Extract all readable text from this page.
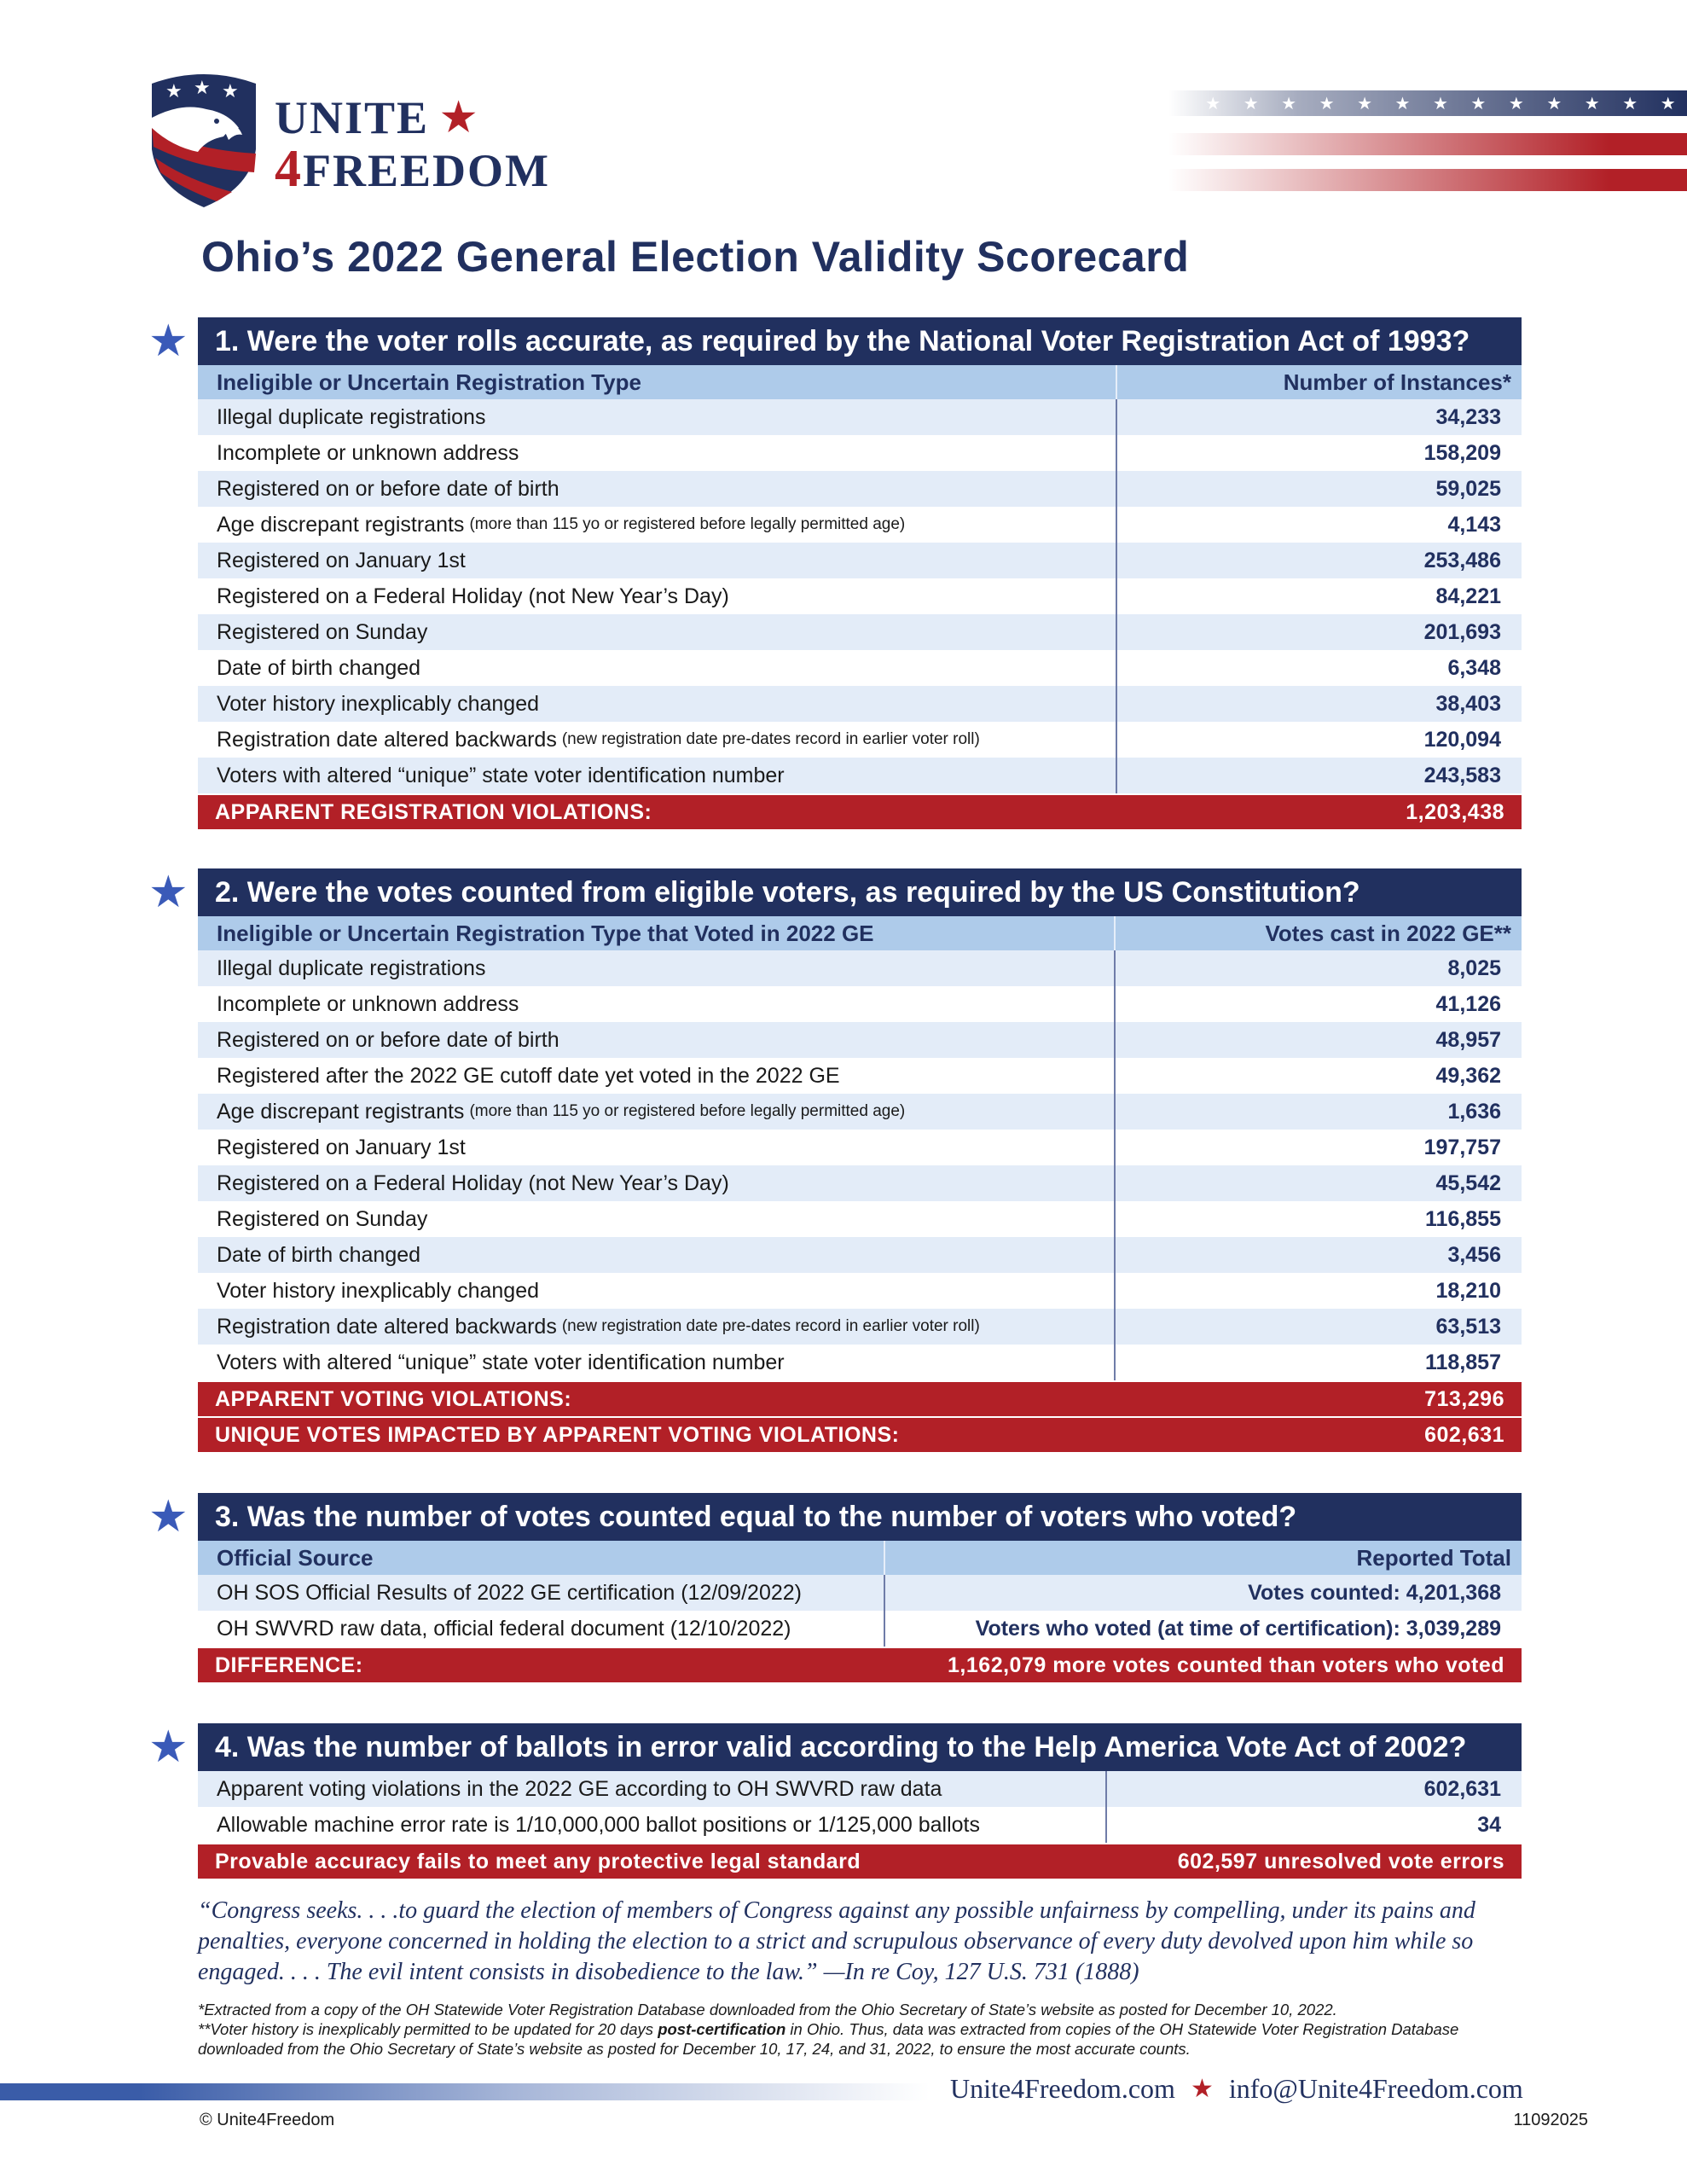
★ ★ ★
UNITE ★
4FREEDOM
★ ★ ★ ★ ★ ★ ★ ★ ★ ★ ★ ★ ★
Ohio’s 2022 General Election Validity Scorecard
★ 1. Were the voter rolls accurate, as required by the National Voter Registration Act of 1993?
Ineligible or Uncertain Registration Type	Number of Instances*
Illegal duplicate registrations	34,233
Incomplete or unknown address	158,209
Registered on or before date of birth	59,025
Age discrepant registrants (more than 115 yo or registered before legally permitted age)	4,143
Registered on January 1st	253,486
Registered on a Federal Holiday (not New Year’s Day)	84,221
Registered on Sunday	201,693
Date of birth changed	6,348
Voter history inexplicably changed	38,403
Registration date altered backwards (new registration date pre-dates record in earlier voter roll)	120,094
Voters with altered “unique” state voter identification number	243,583
APPARENT REGISTRATION VIOLATIONS:	1,203,438
★ 2. Were the votes counted from eligible voters, as required by the US Constitution?
Ineligible or Uncertain Registration Type that Voted in 2022 GE	Votes cast in 2022 GE**
Illegal duplicate registrations	8,025
Incomplete or unknown address	41,126
Registered on or before date of birth	48,957
Registered after the 2022 GE cutoff date yet voted in the 2022 GE	49,362
Age discrepant registrants (more than 115 yo or registered before legally permitted age)	1,636
Registered on January 1st	197,757
Registered on a Federal Holiday (not New Year’s Day)	45,542
Registered on Sunday	116,855
Date of birth changed	3,456
Voter history inexplicably changed	18,210
Registration date altered backwards (new registration date pre-dates record in earlier voter roll)	63,513
Voters with altered “unique” state voter identification number	118,857
APPARENT VOTING VIOLATIONS:	713,296
UNIQUE VOTES IMPACTED BY APPARENT VOTING VIOLATIONS:	602,631
★ 3. Was the number of votes counted equal to the number of voters who voted?
Official Source	Reported Total
OH SOS Official Results of 2022 GE certification (12/09/2022)	Votes counted: 4,201,368
OH SWVRD raw data, official federal document (12/10/2022)	Voters who voted (at time of certification): 3,039,289
DIFFERENCE:	1,162,079 more votes counted than voters who voted
★ 4. Was the number of ballots in error valid according to the Help America Vote Act of 2002?
Apparent voting violations in the 2022 GE according to OH SWVRD raw data	602,631
Allowable machine error rate is 1/10,000,000 ballot positions or 1/125,000 ballots	34
Provable accuracy fails to meet any protective legal standard	602,597 unresolved vote errors
“Congress seeks. . . .to guard the election of members of Congress against any possible unfairness by compelling, under its pains and penalties, everyone concerned in holding the election to a strict and scrupulous observance of every duty devolved upon him while so engaged. . . . The evil intent consists in disobedience to the law.” —In re Coy, 127 U.S. 731 (1888)
*Extracted from a copy of the OH Statewide Voter Registration Database downloaded from the Ohio Secretary of State’s website as posted for December 10, 2022.
**Voter history is inexplicably permitted to be updated for 20 days post-certification in Ohio. Thus, data was extracted from copies of the OH Statewide Voter Registration Database downloaded from the Ohio Secretary of State’s website as posted for December 10, 17, 24, and 31, 2022, to ensure the most accurate counts.
Unite4Freedom.com ★ info@Unite4Freedom.com
© Unite4Freedom	11092025
